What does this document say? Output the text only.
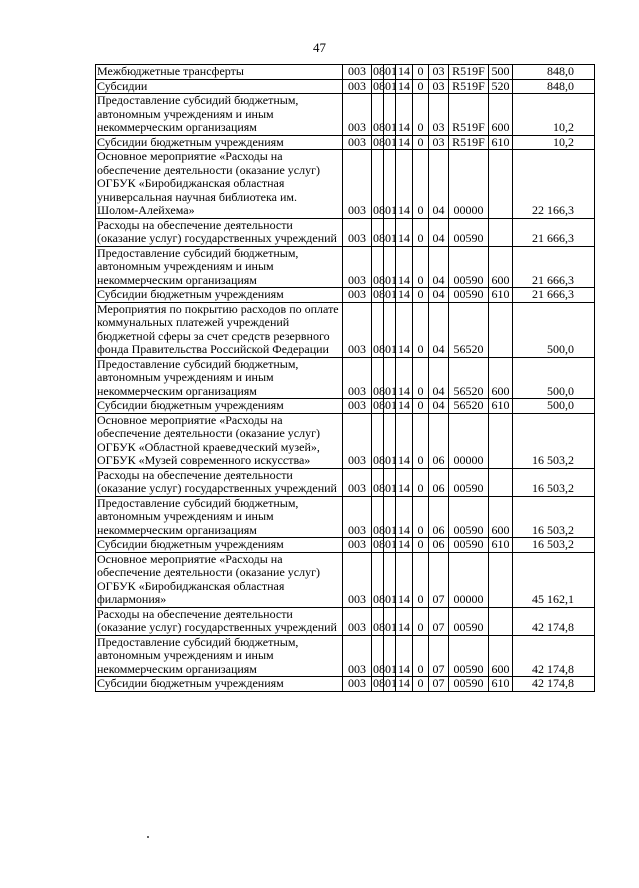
47
Межбюджетные трансферты	003	08	01	14	0	03	R519F	500	848,0
Субсидии	003	08	01	14	0	03	R519F	520	848,0
Предоставление субсидий бюджетным, автономным учреждениям и иным некоммерческим организациям	003	08	01	14	0	03	R519F	600	10,2
Субсидии бюджетным учреждениям	003	08	01	14	0	03	R519F	610	10,2
Основное мероприятие «Расходы на обеспечение деятельности (оказание услуг) ОГБУК «Биробиджанская областная универсальная научная библиотека им. Шолом-Алейхема»	003	08	01	14	0	04	00000		22 166,3
Расходы на обеспечение деятельности (оказание услуг) государственных учреждений	003	08	01	14	0	04	00590		21 666,3
Предоставление субсидий бюджетным, автономным учреждениям и иным некоммерческим организациям	003	08	01	14	0	04	00590	600	21 666,3
Субсидии бюджетным учреждениям	003	08	01	14	0	04	00590	610	21 666,3
Мероприятия по покрытию расходов по оплате коммунальных платежей учреждений бюджетной сферы за счет средств резервного фонда Правительства Российской Федерации	003	08	01	14	0	04	56520		500,0
Предоставление субсидий бюджетным, автономным учреждениям и иным некоммерческим организациям	003	08	01	14	0	04	56520	600	500,0
Субсидии бюджетным учреждениям	003	08	01	14	0	04	56520	610	500,0
Основное мероприятие «Расходы на обеспечение деятельности (оказание услуг) ОГБУК «Областной краеведческий музей», ОГБУК «Музей современного искусства»	003	08	01	14	0	06	00000		16 503,2
Расходы на обеспечение деятельности (оказание услуг) государственных учреждений	003	08	01	14	0	06	00590		16 503,2
Предоставление субсидий бюджетным, автономным учреждениям и иным некоммерческим организациям	003	08	01	14	0	06	00590	600	16 503,2
Субсидии бюджетным учреждениям	003	08	01	14	0	06	00590	610	16 503,2
Основное мероприятие «Расходы на обеспечение деятельности (оказание услуг) ОГБУК «Биробиджанская областная филармония»	003	08	01	14	0	07	00000		45 162,1
Расходы на обеспечение деятельности (оказание услуг) государственных учреждений	003	08	01	14	0	07	00590		42 174,8
Предоставление субсидий бюджетным, автономным учреждениям и иным некоммерческим организациям	003	08	01	14	0	07	00590	600	42 174,8
Субсидии бюджетным учреждениям	003	08	01	14	0	07	00590	610	42 174,8
